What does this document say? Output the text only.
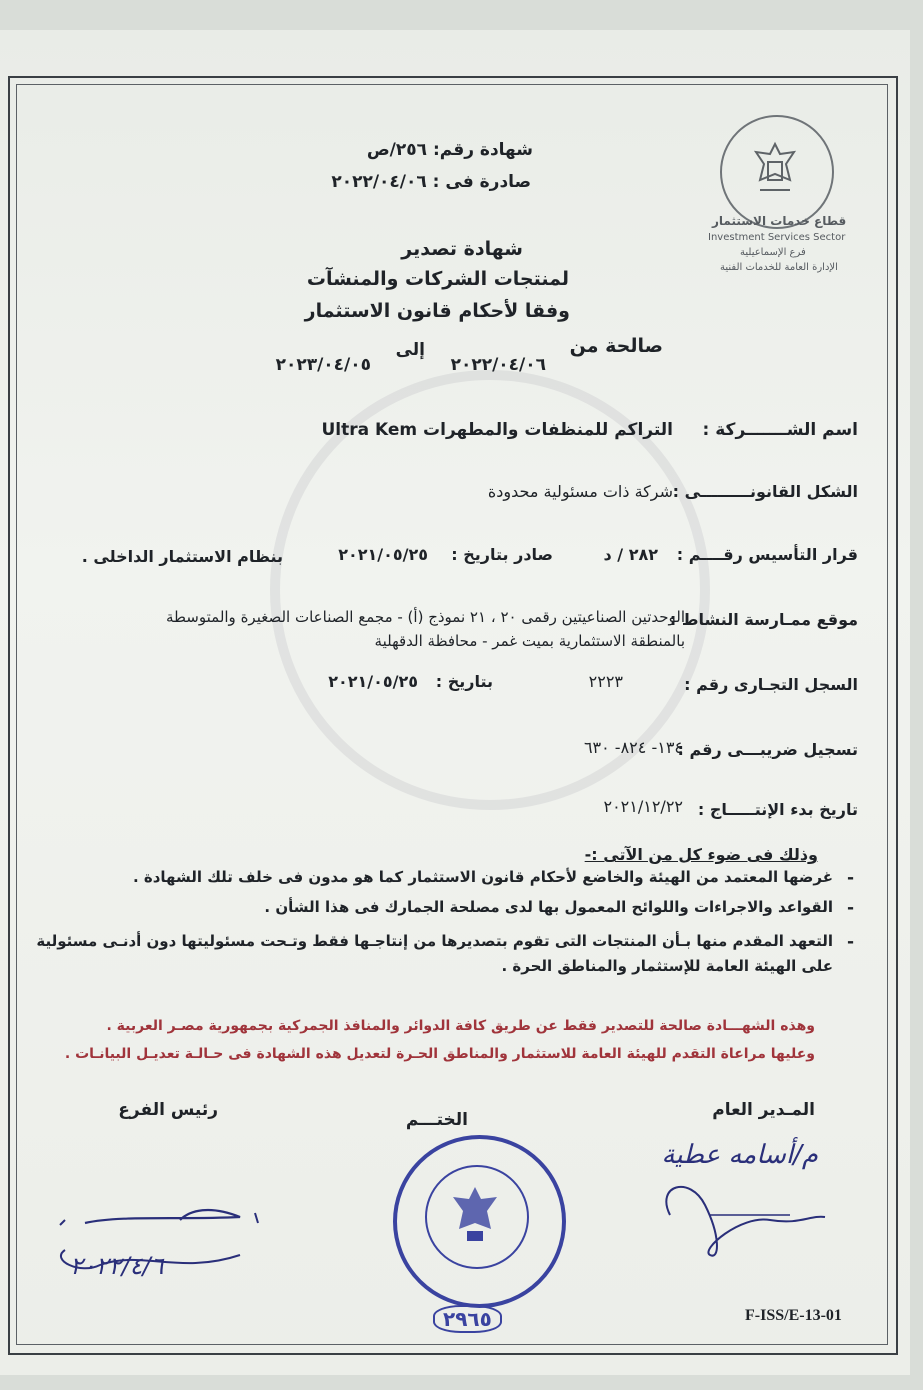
قطاع خدمات الاستثمار
Investment Services Sector
فرع الإسماعيلية
الإدارة العامة للخدمات الفنية
شهادة رقم: ٢٥٦/ص
صادرة فى : ٢٠٢٢/٠٤/٠٦
شهادة تصدير
لمنتجات الشركات والمنشآت
وفقا لأحكام قانون الاستثمار
صالحة من
٢٠٢٢/٠٤/٠٦
إلى
٢٠٢٣/٠٤/٠٥
اسم الشـــــــركة :
التراكم للمنظفات والمطهرات Ultra Kem
الشكل القانونـــــــــى :
شركة ذات مسئولية محدودة
قرار التأسيس رقــــم :
٢٨٢ / د
صادر بتاريخ :
٢٠٢١/٠٥/٢٥
بنظام الاستثمار الداخلى .
موقع ممـارسة النشاط :
الوحدتين الصناعيتين رقمى ٢٠ ، ٢١ نموذج (أ) - مجمع الصناعات الصغيرة والمتوسطة
بالمنطقة الاستثمارية بميت غمر - محافظة الدقهلية
السجل التجـارى رقم :
٢٢٢٣
بتاريخ :
٢٠٢١/٠٥/٢٥
تسجيل ضريبـــى رقم :
١٣٤- ٨٢٤- ٦٣٠
تاريخ بدء الإنتـــــاج :
٢٠٢١/١٢/٢٢
وذلك فى ضوء كل من الآتى :-
-
غرضها المعتمد من الهيئة والخاضع لأحكام قانون الاستثمار كما هو مدون فى خلف تلك الشهادة .
-
القواعد والاجراءات واللوائح المعمول بها لدى مصلحة الجمارك فى هذا الشأن .
-
التعهد المقدم منها بـأن المنتجات التى تقوم بتصديرها من إنتاجـها فقط وتـحت مسئوليتها دون أدنـى مسئولية
على الهيئة العامة للإستثمار والمناطق الحرة .
وهذه الشهـــادة صالحة للتصدير فقط عن طريق كافة الدوائر والمنافذ الجمركية بجمهورية مصـر العربية .
وعليها مراعاة التقدم للهيئة العامة للاستثمار والمناطق الحـرة لتعديل هذه الشهادة فى حـالـة تعديـل البيانـات .
المـدير العام
الختـــم
رئيس الفرع
م/أسامه عطية
٢٠٢٢/٤/٦
٢٩٦٥	F-ISS/E-13-01
